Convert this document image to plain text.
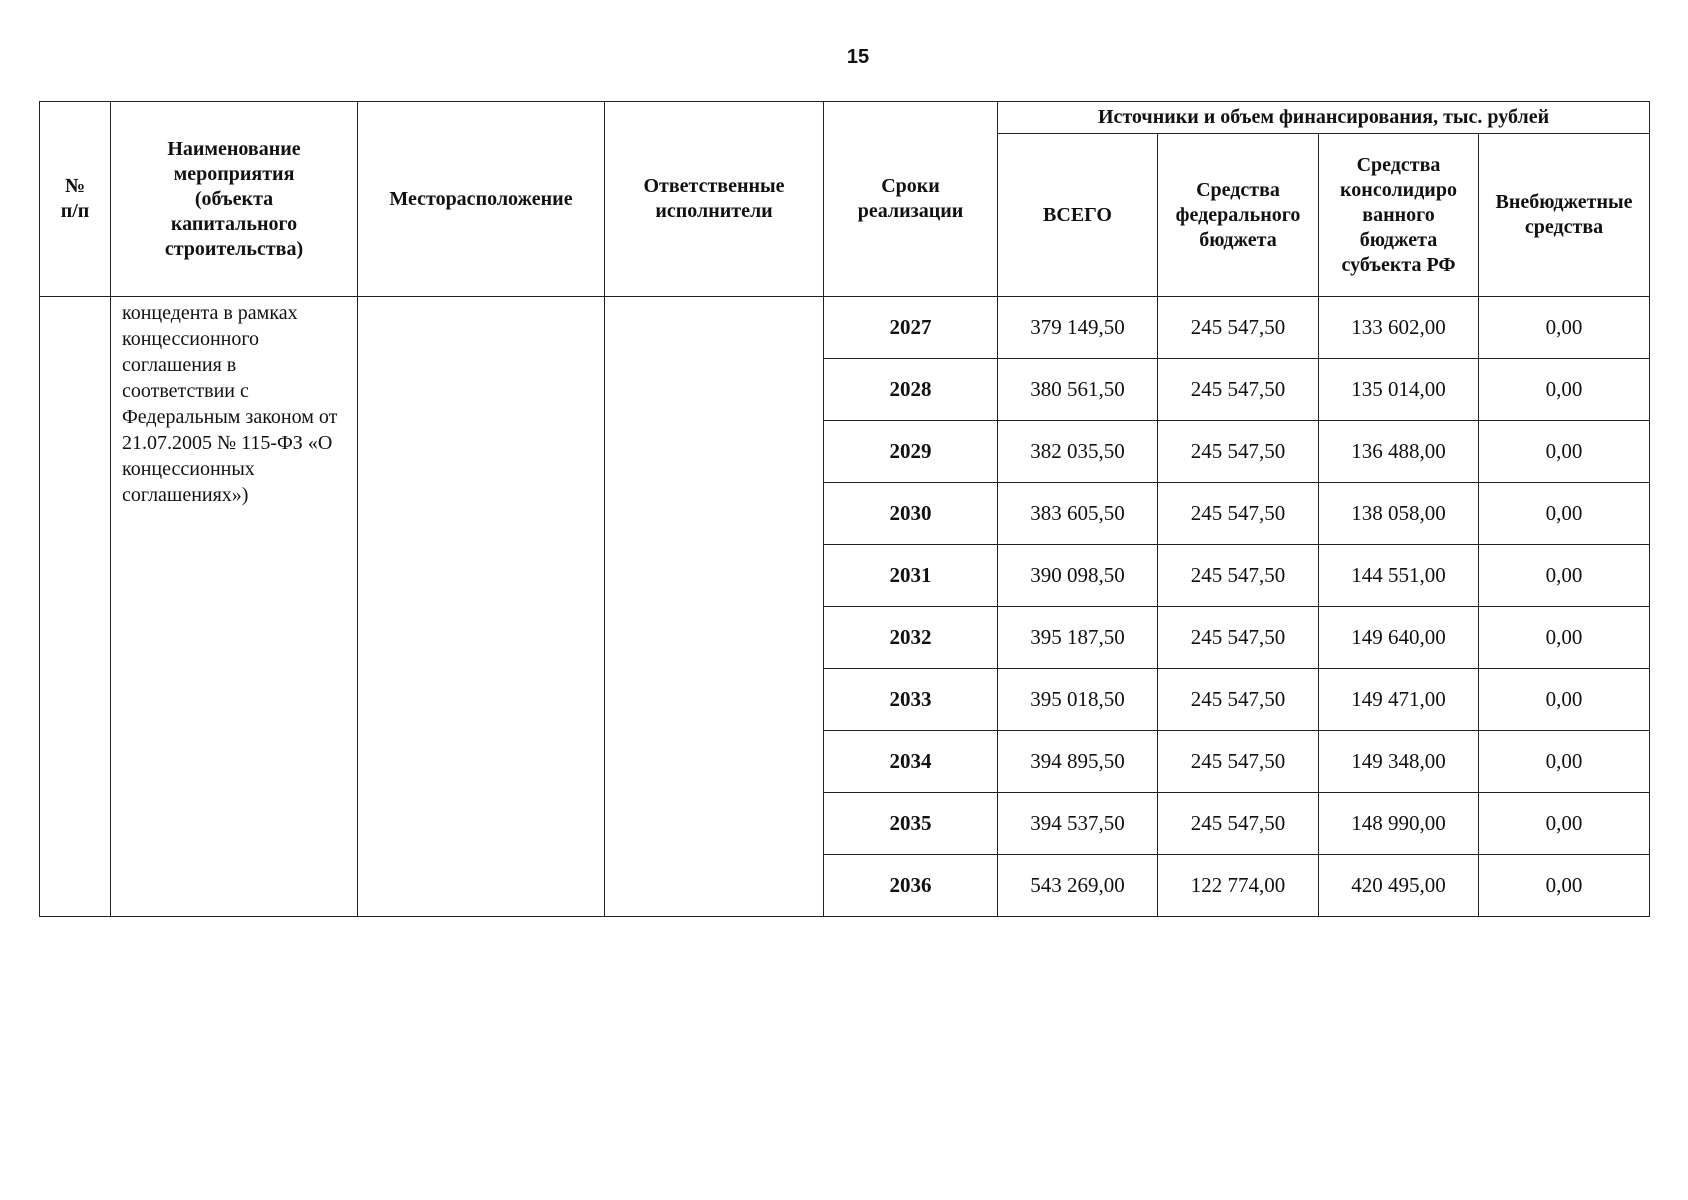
15
№
п/п	Наименование
мероприятия
(объекта
капитального
строительства)	Месторасположение	Ответственные
исполнители	Сроки
реализации	Источники и объем финансирования, тыс. рублей			
					ВСЕГО	Средства
федерального
бюджета	Средства
консолидиро
ванного
бюджета
субъекта РФ	Внебюджетные
средства
	концедента в рамках концессионного соглашения в соответствии с Федеральным законом от 21.07.2005 № 115-ФЗ «О концессионных соглашениях»)			2027	379 149,50	245 547,50	133 602,00	0,00
				2028	380 561,50	245 547,50	135 014,00	0,00
				2029	382 035,50	245 547,50	136 488,00	0,00
				2030	383 605,50	245 547,50	138 058,00	0,00
				2031	390 098,50	245 547,50	144 551,00	0,00
				2032	395 187,50	245 547,50	149 640,00	0,00
				2033	395 018,50	245 547,50	149 471,00	0,00
				2034	394 895,50	245 547,50	149 348,00	0,00
				2035	394 537,50	245 547,50	148 990,00	0,00
				2036	543 269,00	122 774,00	420 495,00	0,00
